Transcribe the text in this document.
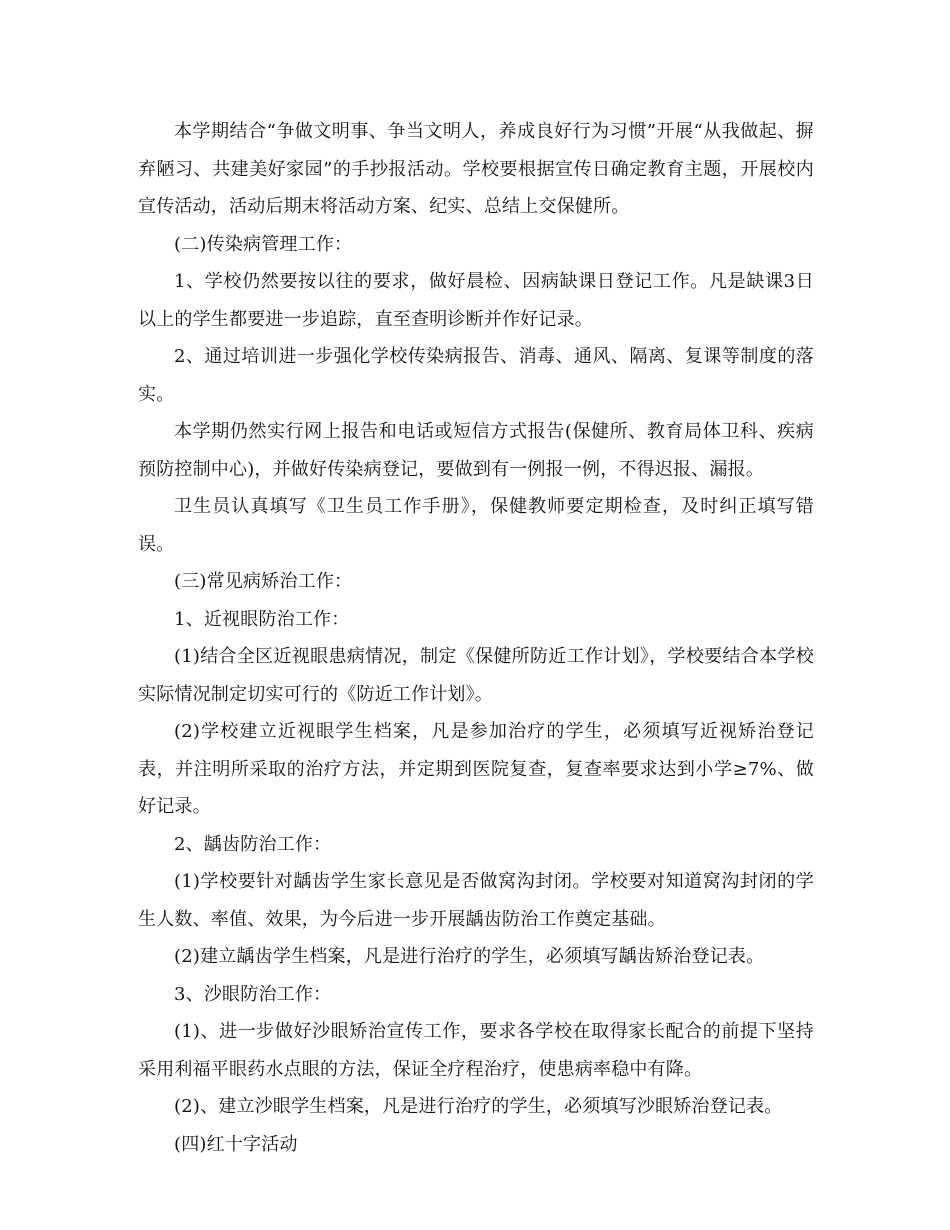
本学期结合“争做文明事、争当文明人，养成良好行为习惯”开展“从我做起、摒弃陋习、共建美好家园”的手抄报活动。学校要根据宣传日确定教育主题，开展校内宣传活动，活动后期末将活动方案、纪实、总结上交保健所。

(二)传染病管理工作：

1、学校仍然要按以往的要求，做好晨检、因病缺课日登记工作。凡是缺课3日以上的学生都要进一步追踪，直至查明诊断并作好记录。

2、通过培训进一步强化学校传染病报告、消毒、通风、隔离、复课等制度的落实。

本学期仍然实行网上报告和电话或短信方式报告(保健所、教育局体卫科、疾病预防控制中心)，并做好传染病登记，要做到有一例报一例，不得迟报、漏报。

卫生员认真填写《卫生员工作手册》，保健教师要定期检查，及时纠正填写错误。

(三)常见病矫治工作：

1、近视眼防治工作：

(1)结合全区近视眼患病情况，制定《保健所防近工作计划》，学校要结合本学校实际情况制定切实可行的《防近工作计划》。

(2)学校建立近视眼学生档案，凡是参加治疗的学生，必须填写近视矫治登记表，并注明所采取的治疗方法，并定期到医院复查，复查率要求达到小学≥7%、做好记录。

2、龋齿防治工作：

(1)学校要针对龋齿学生家长意见是否做窝沟封闭。学校要对知道窝沟封闭的学生人数、率值、效果，为今后进一步开展龋齿防治工作奠定基础。

(2)建立龋齿学生档案，凡是进行治疗的学生，必须填写龋齿矫治登记表。

3、沙眼防治工作：

(1)、进一步做好沙眼矫治宣传工作，要求各学校在取得家长配合的前提下坚持采用利福平眼药水点眼的方法，保证全疗程治疗，使患病率稳中有降。

(2)、建立沙眼学生档案，凡是进行治疗的学生，必须填写沙眼矫治登记表。

(四)红十字活动
